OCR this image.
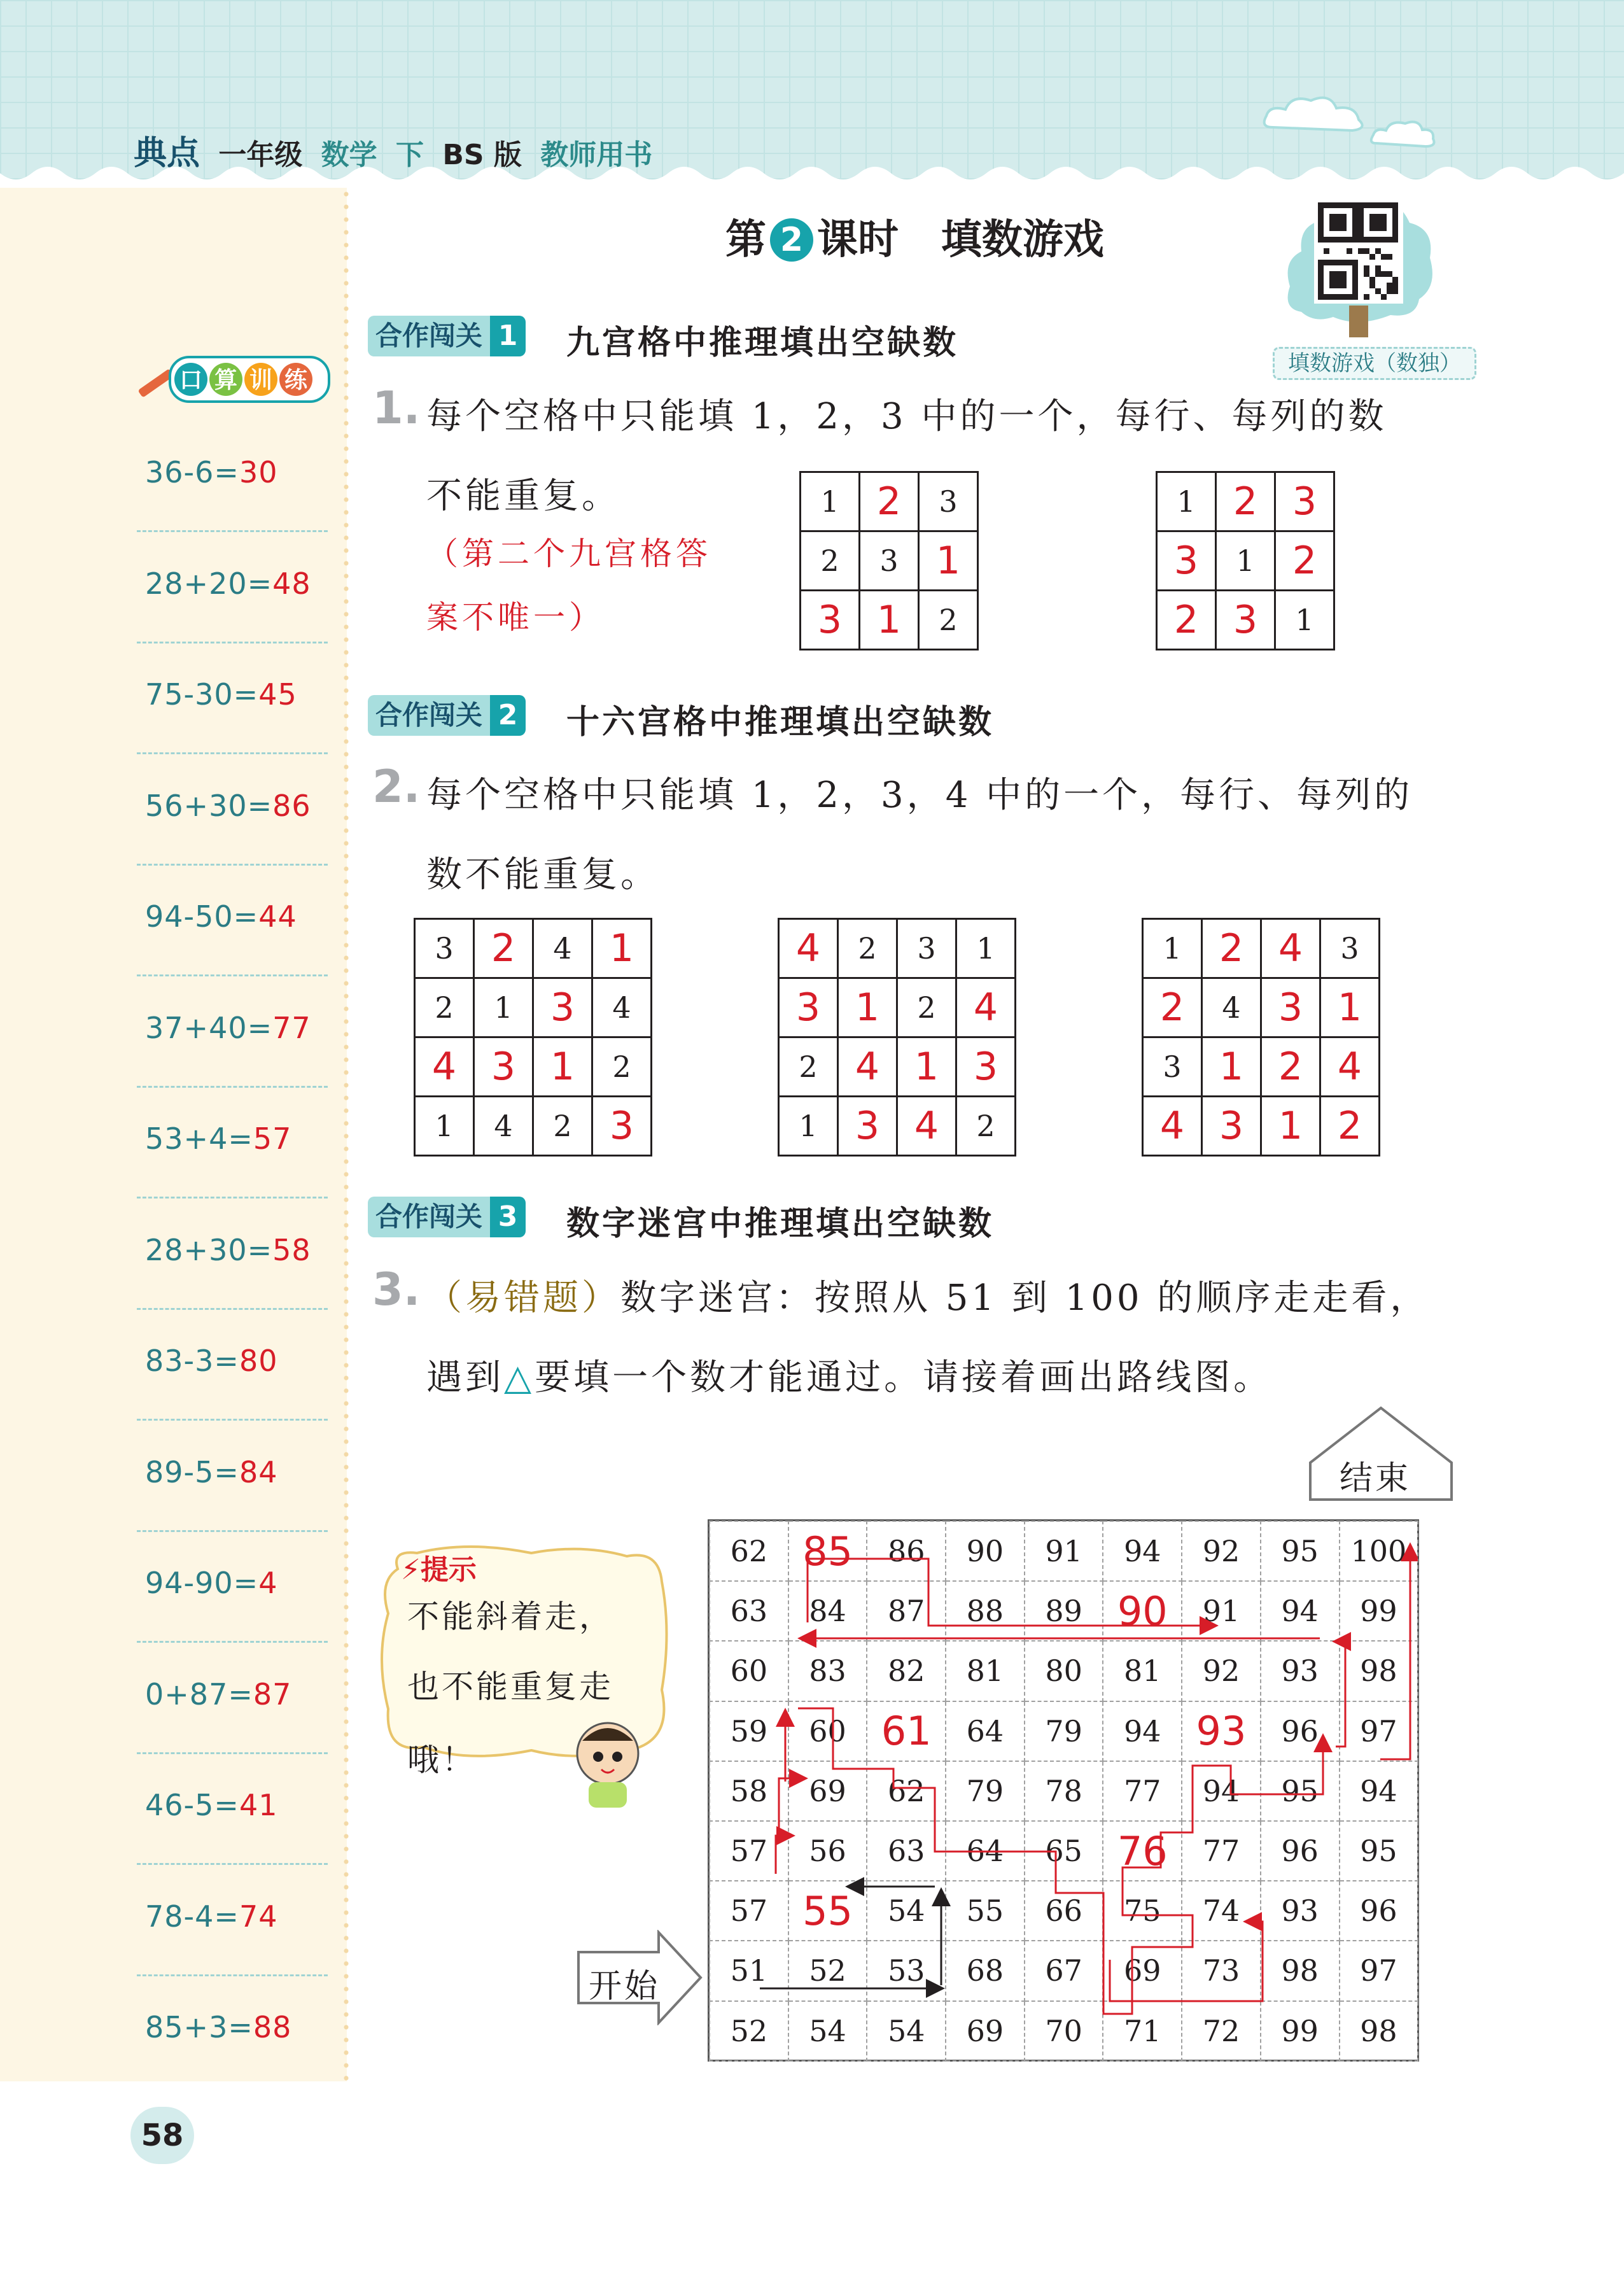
典点 一年级 数学 下 BS 版 教师用书
口 算 训 练
36-6=30
28+20=48
75-30=45
56+30=86
94-50=44
37+40=77
53+4=57
28+30=58
83-3=80
89-5=84
94-90=4
0+87=87
46-5=41
78-4=74
85+3=88
58
第 2 课时 填数游戏
填数游戏（数独）
合作闯关 1 九宫格中推理填出空缺数
1. 每个空格中只能填 1，2，3 中的一个，每行、每列的数
不能重复。
（第二个九宫格答
案不唯一）
1	2	3
2	3	1
3	1	2
1	2	3
3	1	2
2	3	1
合作闯关 2 十六宫格中推理填出空缺数
2. 每个空格中只能填 1，2，3，4 中的一个，每行、每列的
数不能重复。
3	2	4	1
2	1	3	4
4	3	1	2
1	4	2	3
4	2	3	1
3	1	2	4
2	4	1	3
1	3	4	2
1	2	4	3
2	4	3	1
3	1	2	4
4	3	1	2
合作闯关 3 数字迷宫中推理填出空缺数
3. （易错题）数字迷宫：按照从 51 到 100 的顺序走走看，
遇到△要填一个数才能通过。请接着画出路线图。
结束
开始
62	85	86	90	91	94	92	95	100
63	84	87	88	89	90	91	94	99
60	83	82	81	80	81	92	93	98
59	60	61	64	79	94	93	96	97
58	69	62	79	78	77	94	95	94
57	56	63	64	65	76	77	96	95
57	55	54	55	66	75	74	93	96
51	52	53	68	67	69	73	98	97
52	54	54	69	70	71	72	99	98
⚡提示
不能斜着走，
也不能重复走
哦！
